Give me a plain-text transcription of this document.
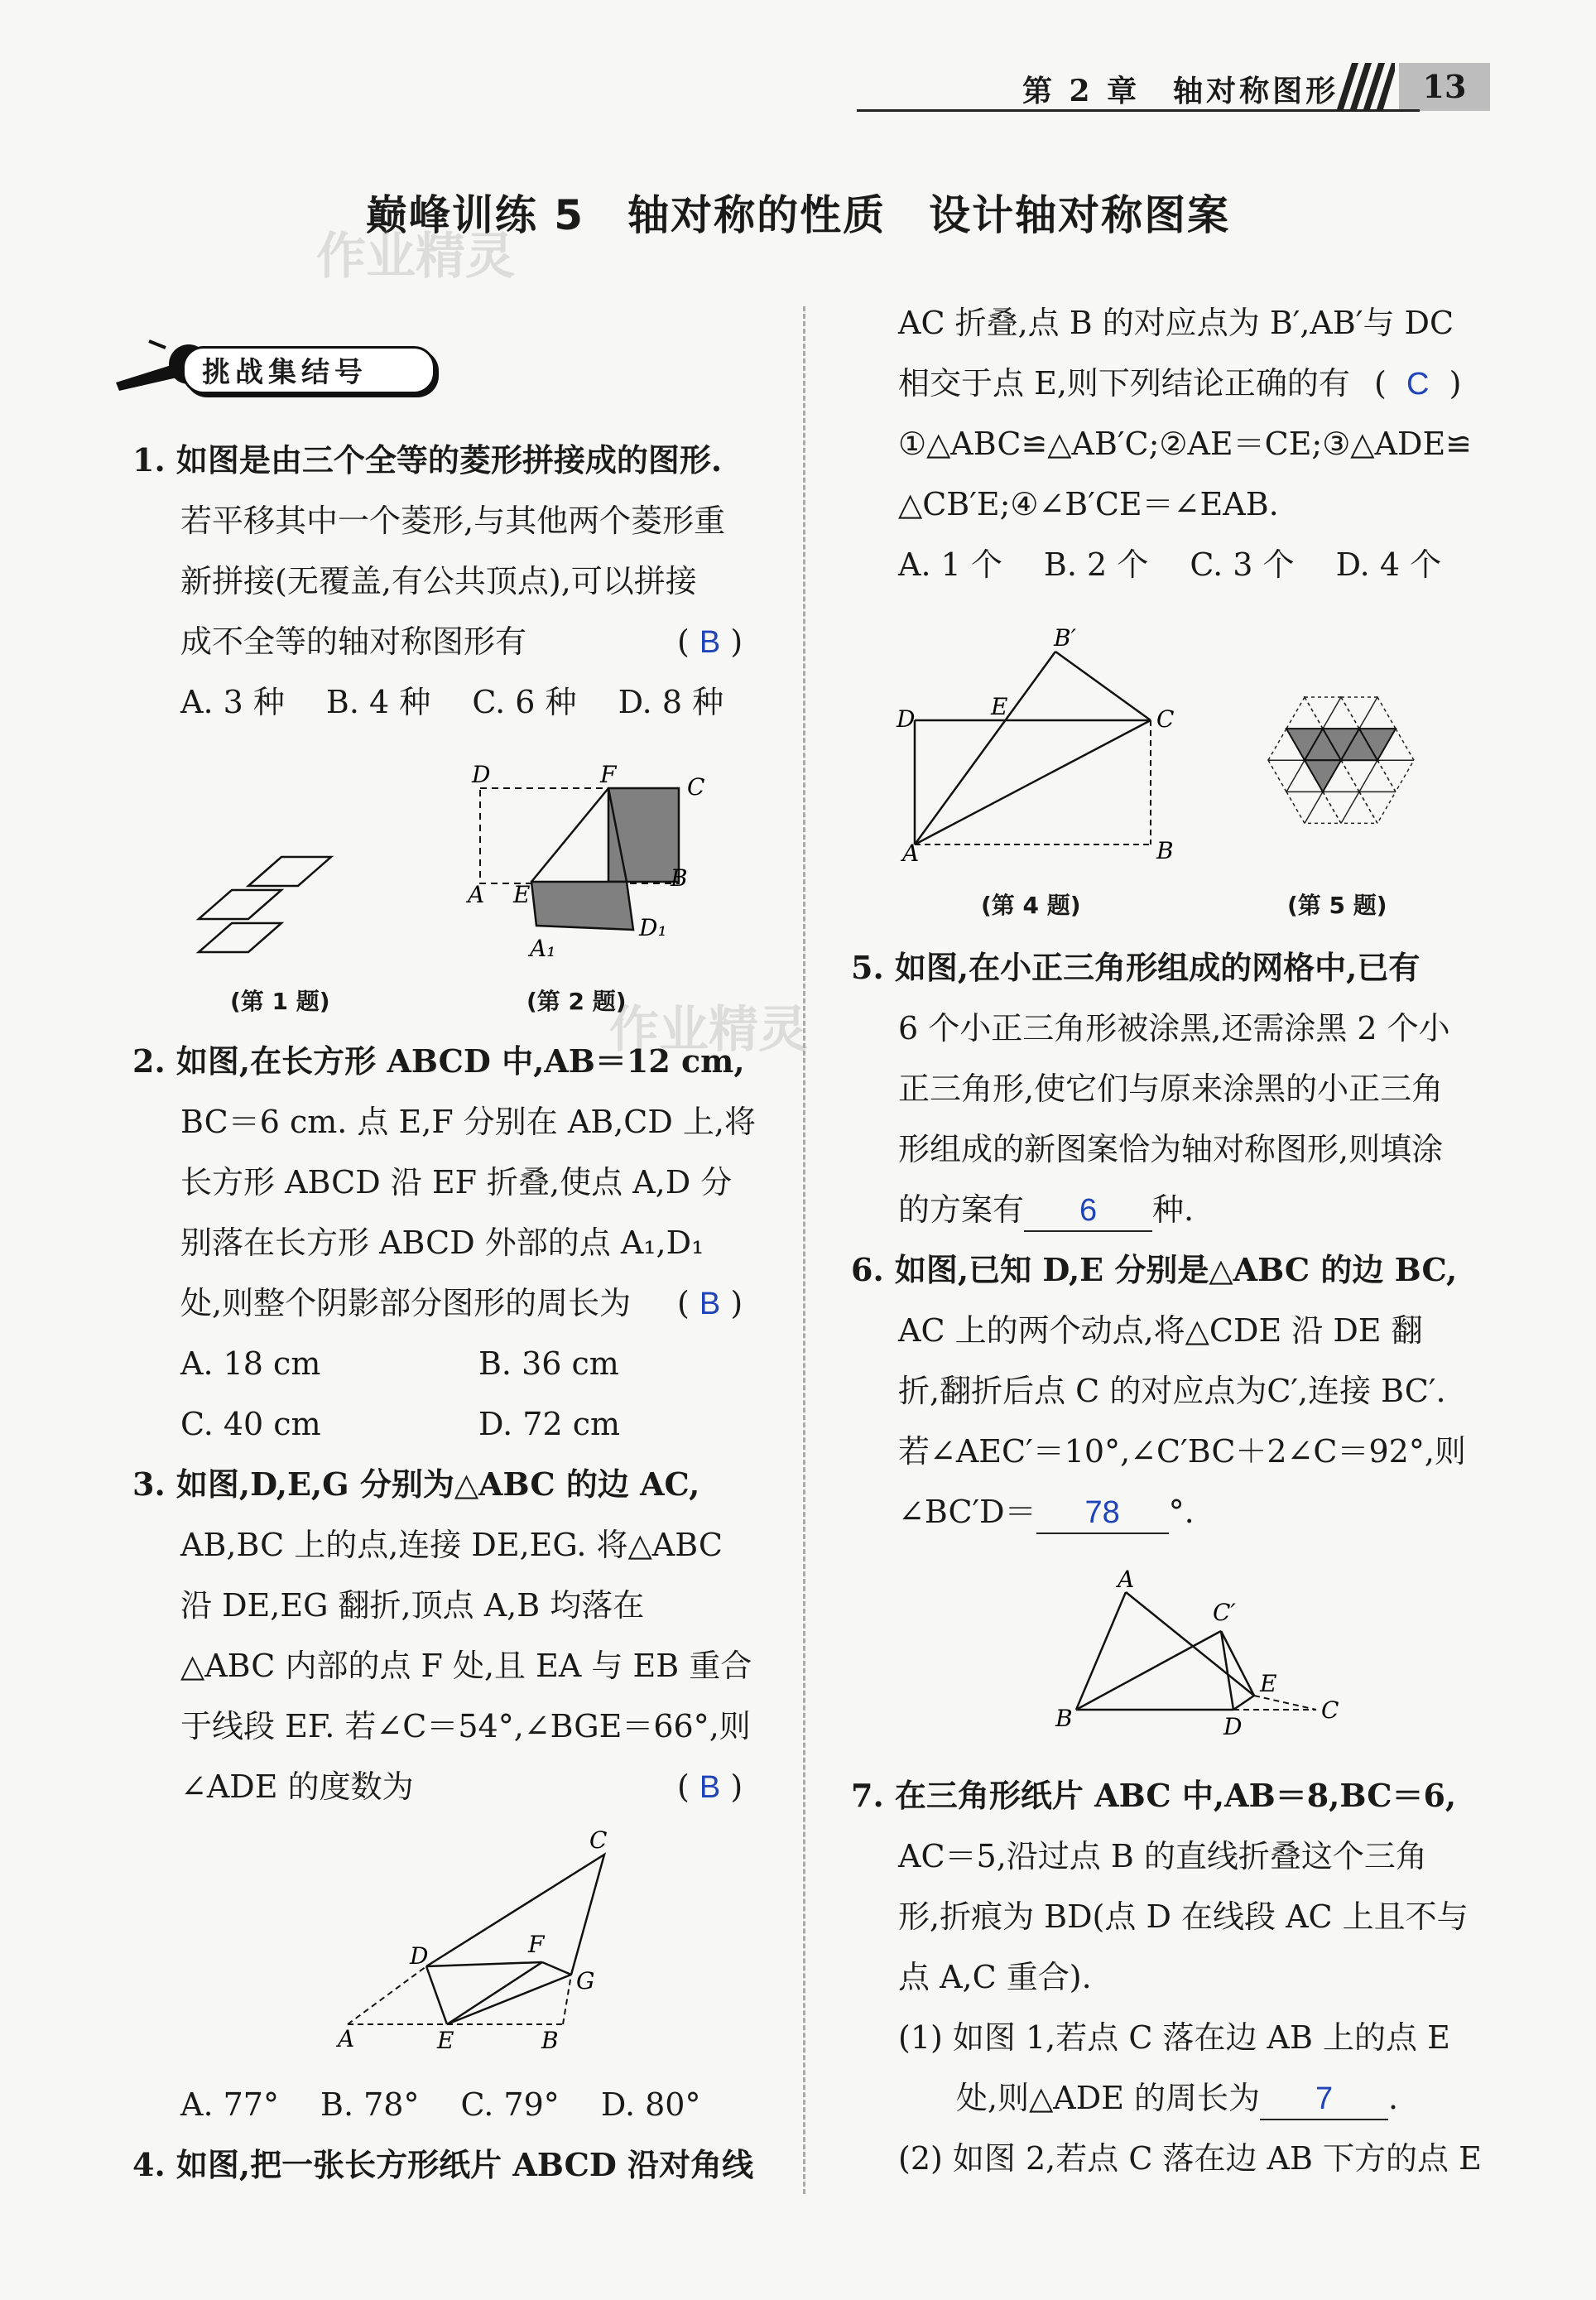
第 2 章　轴对称图形	13
巅峰训练 5　轴对称的性质　设计轴对称图案
作业精灵
作业精灵
挑战集结号
1. 如图是由三个全等的菱形拼接成的图形.
若平移其中一个菱形,与其他两个菱形重
新拼接(无覆盖,有公共顶点),可以拼接
成不全等的轴对称图形有	( B )
A. 3 种　 B. 4 种　 C. 6 种　 D. 8 种
(第 1 题)
D	F	C
A E
B
A₁
D₁
(第 2 题)
2. 如图,在长方形 ABCD 中,AB＝12 cm,
BC＝6 cm. 点 E,F 分别在 AB,CD 上,将
长方形 ABCD 沿 EF 折叠,使点 A,D 分
别落在长方形 ABCD 外部的点 A₁,D₁
处,则整个阴影部分图形的周长为 ( B )
A. 18 cm	B. 36 cm
C. 40 cm	D. 72 cm
3. 如图,D,E,G 分别为△ABC 的边 AC,
AB,BC 上的点,连接 DE,EG. 将△ABC
沿 DE,EG 翻折,顶点 A,B 均落在
△ABC 内部的点 F 处,且 EA 与 EB 重合
于线段 EF. 若∠C＝54°,∠BGE＝66°,则
∠ADE 的度数为	( B )
C
D	F
G
A	E	B
A. 77°　 B. 78°　 C. 79°　 D. 80°
4. 如图,把一张长方形纸片 ABCD 沿对角线
AC 折叠,点 B 的对应点为 B′,AB′与 DC
相交于点 E,则下列结论正确的有 (  C  )
①△ABC≌△AB′C;②AE＝CE;③△ADE≌
△CB′E;④∠B′CE＝∠EAB.
A. 1 个　 B. 2 个　 C. 3 个　 D. 4 个
B′
D	E	C
A	B
(第 4 题)	(第 5 题)
5. 如图,在小正三角形组成的网格中,已有
6 个小正三角形被涂黑,还需涂黑 2 个小
正三角形,使它们与原来涂黑的小正三角
形组成的新图案恰为轴对称图形,则填涂
的方案有 6 种.
6. 如图,已知 D,E 分别是△ABC 的边 BC,
AC 上的两个动点,将△CDE 沿 DE 翻
折,翻折后点 C 的对应点为C′,连接 BC′.
若∠AEC′＝10°,∠C′BC＋2∠C＝92°,则
∠BC′D＝ 78 °.
A
C′
E
B	D
C
7. 在三角形纸片 ABC 中,AB＝8,BC＝6,
AC＝5,沿过点 B 的直线折叠这个三角
形,折痕为 BD(点 D 在线段 AC 上且不与
点 A,C 重合).
(1) 如图 1,若点 C 落在边 AB 上的点 E
处,则△ADE 的周长为 7 .
(2) 如图 2,若点 C 落在边 AB 下方的点 E
